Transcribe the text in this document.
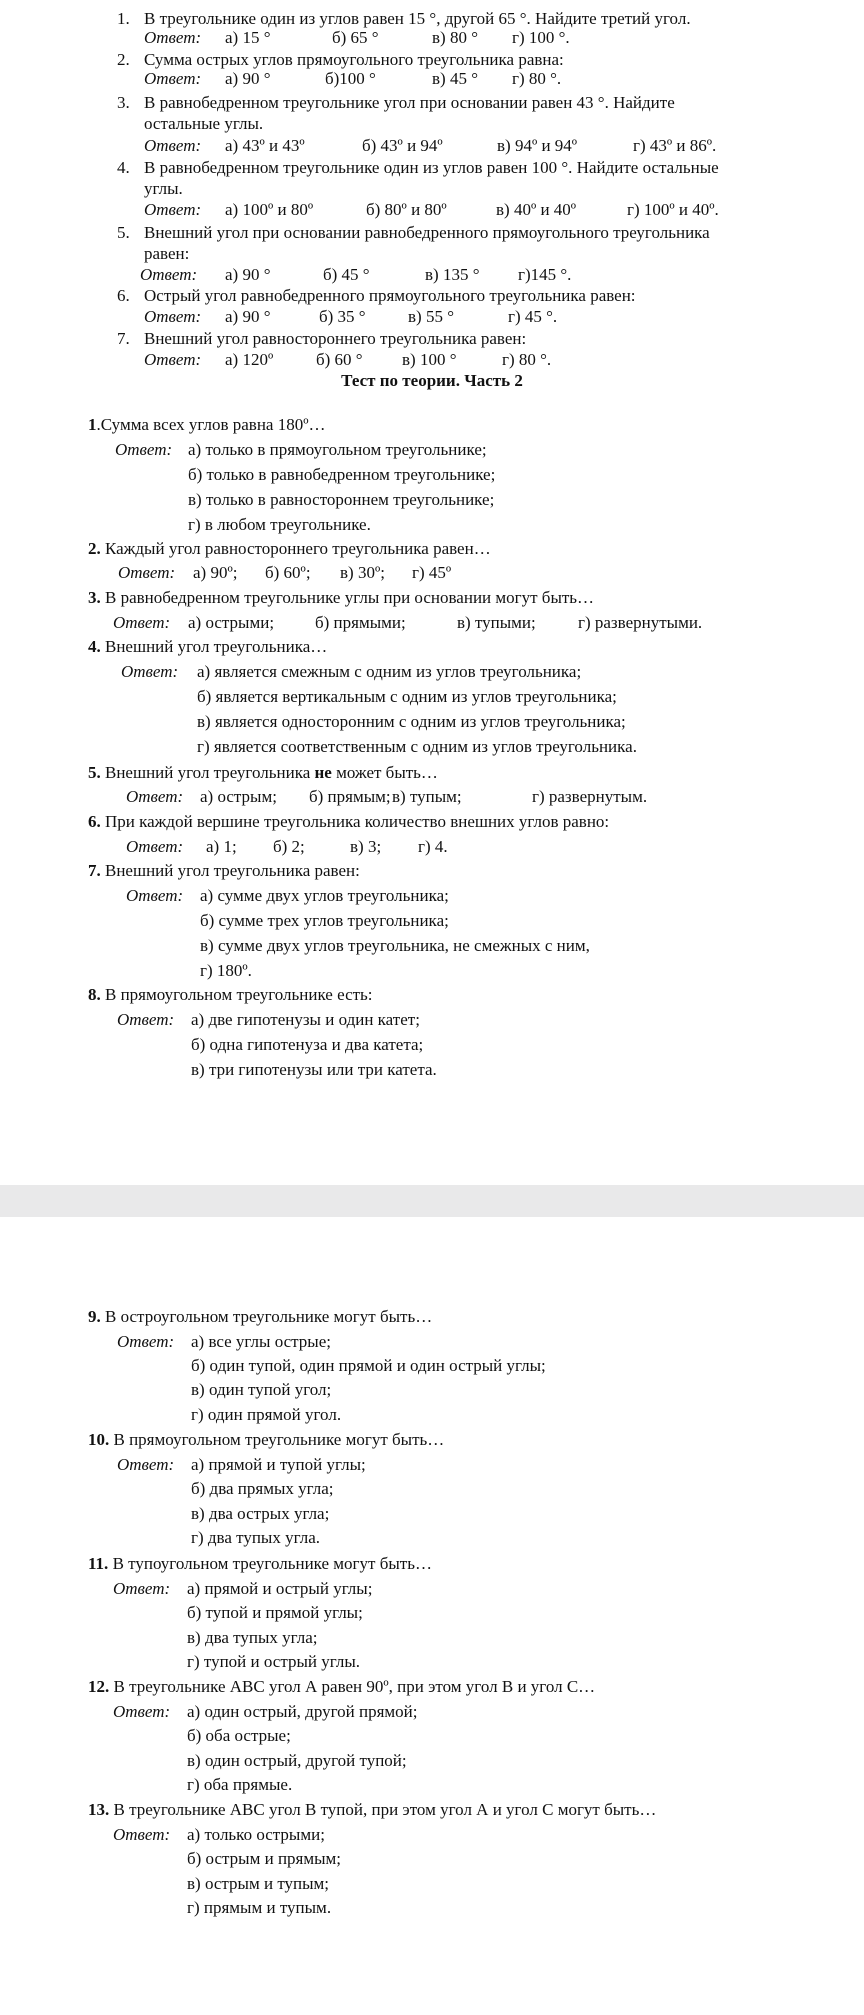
1. В треугольнике один из углов равен 15 °, другой 65 °. Найдите третий угол.
Ответ: а) 15 °	б) 65 °	в) 80 ° г) 100 °.
2. Сумма острых углов прямоугольного треугольника равна:
Ответ: а) 90 °	б)100 °	в) 45 ° г) 80 °.
3. В равнобедренном треугольнике угол при основании равен 43 °. Найдите
остальные углы.
Ответ: а) 43º и 43º	б) 43º и 94º	в) 94º и 94º	г) 43º и 86º.
4. В равнобедренном треугольнике один из углов равен 100 °. Найдите остальные
углы.
Ответ: а) 100º и 80º	б) 80º и 80º	в) 40º и 40º	г) 100º и 40º.
5. Внешний угол при основании равнобедренного прямоугольного треугольника
равен:
Ответ: а) 90 °	б) 45 °	в) 135 ° г)145 °.
6. Острый угол равнобедренного прямоугольного треугольника равен:
Ответ: а) 90 °	б) 35 ° в) 55 °	г) 45 °.
7. Внешний угол равностороннего треугольника равен:
Ответ: а) 120º	б) 60 ° в) 100 °	г) 80 °.
Тест по теории. Часть 2
1.Сумма всех углов равна 180º…
Ответ: а) только в прямоугольном треугольнике;
б) только в равнобедренном треугольнике;
в) только в равностороннем треугольнике;
г) в любом треугольнике.
2. Каждый угол равностороннего треугольника равен…
Ответ: а) 90º; б) 60º; в) 30º; г) 45º
3. В равнобедренном треугольнике углы при основании могут быть…
Ответ: а) острыми; б) прямыми;	в) тупыми; г) развернутыми.
4. Внешний угол треугольника…
Ответ: а) является смежным с одним из углов треугольника;
б) является вертикальным с одним из углов треугольника;
в) является односторонним с одним из углов треугольника;
г) является соответственным с одним из углов треугольника.
5. Внешний угол треугольника не может быть…
Ответ: а) острым; б) прямым; в) тупым;	г) развернутым.
6. При каждой вершине треугольника количество внешних углов равно:
Ответ: а) 1; б) 2;	в) 3; г) 4.
7. Внешний угол треугольника равен:
Ответ: а) сумме двух углов треугольника;
б) сумме трех углов треугольника;
в) сумме двух углов треугольника, не смежных с ним,
г) 180º.
8. В прямоугольном треугольнике есть:
Ответ: а) две гипотенузы и один катет;
б) одна гипотенуза и два катета;
в) три гипотенузы или три катета.
9. В остроугольном треугольнике могут быть…
Ответ: а) все углы острые;
б) один тупой, один прямой и один острый углы;
в) один тупой угол;
г) один прямой угол.
10. В прямоугольном треугольнике могут быть…
Ответ: а) прямой и тупой углы;
б) два прямых угла;
в) два острых угла;
г) два тупых угла.
11. В тупоугольном треугольнике могут быть…
Ответ: а) прямой и острый углы;
б) тупой и прямой углы;
в) два тупых угла;
г) тупой и острый углы.
12. В треугольнике АВС угол А равен 90º, при этом угол В и угол С…
Ответ: а) один острый, другой прямой;
б) оба острые;
в) один острый, другой тупой;
г) оба прямые.
13. В треугольнике АВС угол В тупой, при этом угол А и угол С могут быть…
Ответ: а) только острыми;
б) острым и прямым;
в) острым и тупым;
г) прямым и тупым.
